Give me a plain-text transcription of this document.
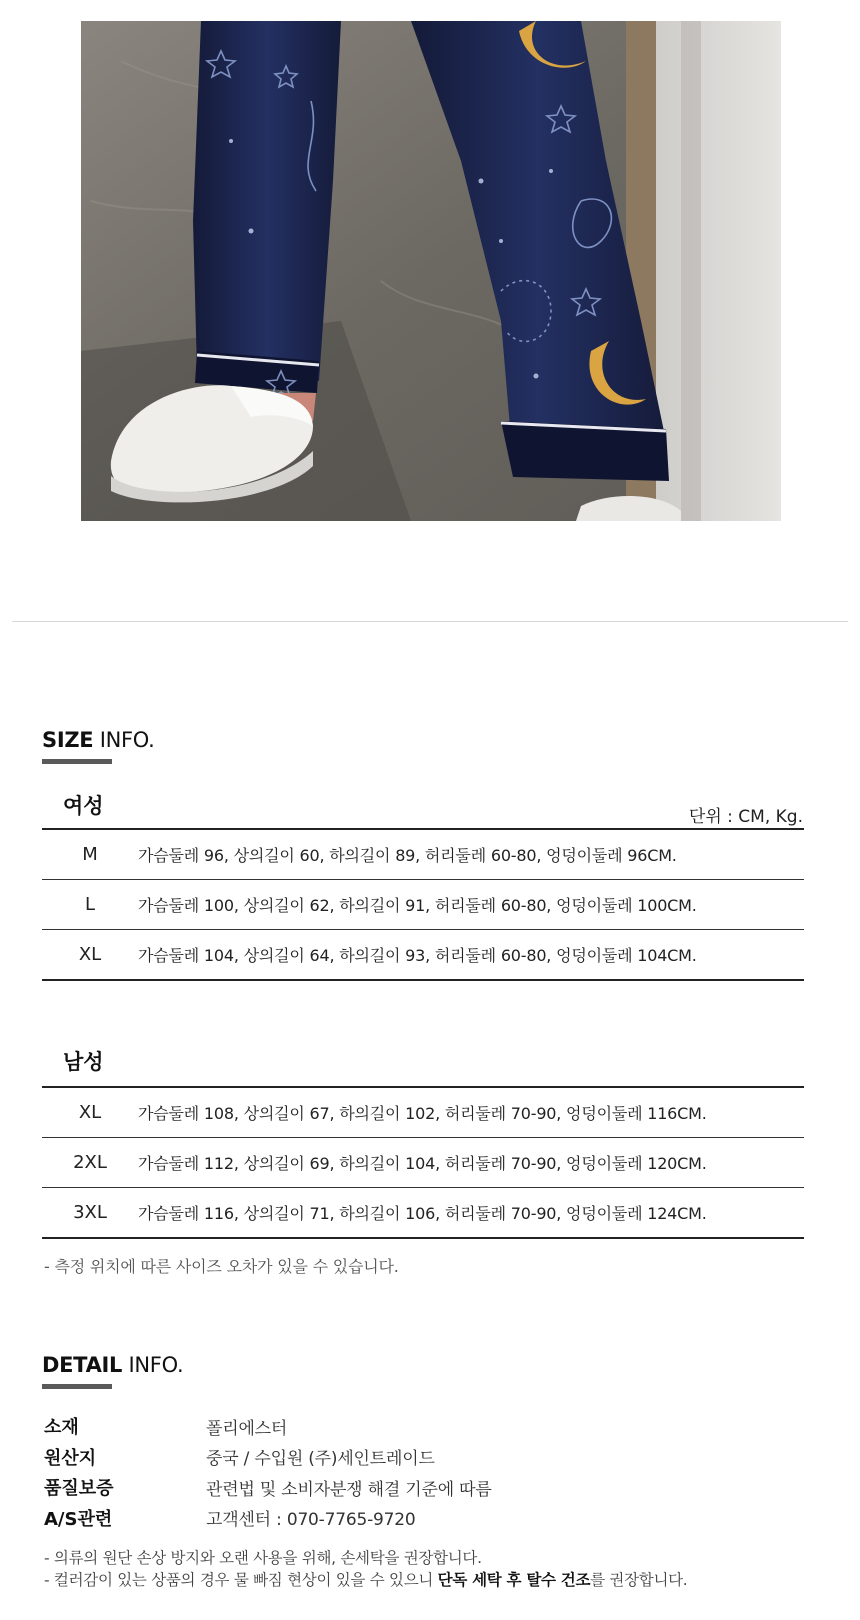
SIZE INFO.
여성	단위 : CM, Kg.
M	가슴둘레 96, 상의길이 60, 하의길이 89, 허리둘레 60-80, 엉덩이둘레 96CM.
L	가슴둘레 100, 상의길이 62, 하의길이 91, 허리둘레 60-80, 엉덩이둘레 100CM.
XL	가슴둘레 104, 상의길이 64, 하의길이 93, 허리둘레 60-80, 엉덩이둘레 104CM.
남성
XL	가슴둘레 108, 상의길이 67, 하의길이 102, 허리둘레 70-90, 엉덩이둘레 116CM.
2XL	가슴둘레 112, 상의길이 69, 하의길이 104, 허리둘레 70-90, 엉덩이둘레 120CM.
3XL	가슴둘레 116, 상의길이 71, 하의길이 106, 허리둘레 70-90, 엉덩이둘레 124CM.
- 측정 위치에 따른 사이즈 오차가 있을 수 있습니다.
DETAIL INFO.
소재	폴리에스터
원산지	중국 / 수입원 (주)세인트레이드
품질보증	관련법 및 소비자분쟁 해결 기준에 따름
A/S관련	고객센터 : 070-7765-9720
- 의류의 원단 손상 방지와 오랜 사용을 위해, 손세탁을 권장합니다.
- 컬러감이 있는 상품의 경우 물 빠짐 현상이 있을 수 있으니 단독 세탁 후 탈수 건조를 권장합니다.
